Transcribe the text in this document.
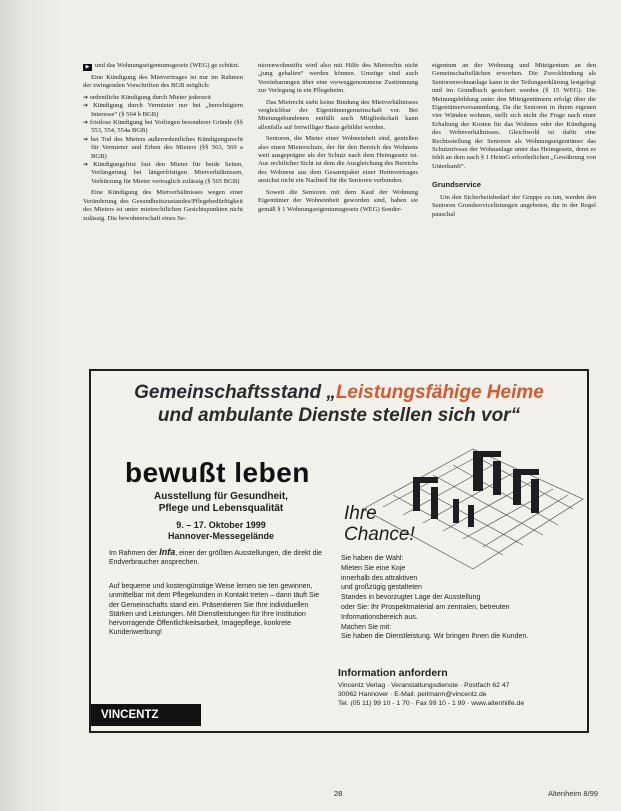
▶ und das Wohnungseigentumsgesetz (WEG) ge schützt.

Eine Kündigung des Mietvertrages ist nur im Rahmen der zwingenden Vorschriften des BGB möglich:

➔ ordentliche Kündigung durch Mieter jederzeit
➔ Kündigung durch Vermieter nur bei „berechtigtem Interesse“ (§ 564 b BGB)
➔ fristlose Kündigung bei Vorliegen besonderer Gründe (§§ 553, 554, 554a BGB)
➔ bei Tod des Mieters außerordentliches Kündigungsrecht für Vermieter und Erben des Mieters (§§ 563, 569 a BGB)
➔ Kündigungsfrist fast den Mieter für beide Seiten, Verlängerung bei längerfristigen Mietverhältnissen, Verkürzung für Mieter vertraglich zulässig (§ 565 BGB)

Eine Kündigung des Mietverhältnisses wegen einer Veränderung des Gesundheitszustandes/Pflegebedürftigkeit des Mieters ist unter mietrechtlichen Gesichtspunkten nicht zulässig. Die bewohnerschaft eines Se-

niorenwohnstifts wird also mit Hilfe des Mietrechts nicht „jung gehalten“ werden können. Umzüge sind auch Vereinbarungen über eine vorweggenommene Zustimmung zur Verlegung in ein Pflegeheim.

Das Mietrecht sieht keine Bindung des Mietverhältnisses vergleichbar der Eigentümergemeinschaft vor. Bei Mietungebundenen entfällt auch Mitgliedschaft kann allenfalls auf freiwilliger Basis gebildet werden.

Senioren, die Mieter einer Wohneinheit sind, genießen also einen Mieterschutz, der für den Bereich des Wohnens weit ausgeprägter als der Schutz nach dem Heimgesetz ist. Aus rechtlicher Sicht ist dem die Ausgleichung des Bereichs des Wohnens aus dem Gesamtpaket einer Heimvertrages ansichst nicht ein Nachteil für die Senioren verbunden.

Soweit die Senioren mit dem Kauf der Wohnung Eigentümer der Wohneinheit geworden sind, haben sie gemäß § 1 Wohnungseigentumsgesetz (WEG) Sonder-

eigentum an der Wohnung und Miteigentum an den Gemeinschaftsflächen erworben. Die Zweckbindung als Seniorenwohnanlage kann in der Teilungserklärung festgelegt und im Grundbuch gesichert werden (§ 15 WEG). Die Meinungsbildung unter den Miteigentümern erfolgt über die Eigentümerversammlung. Da die Senioren in ihrem eigenen vier Wänden wohnen, stellt sich nicht die Frage nach einer Erhaltung der Kosten für das Wohnen oder der Kündigung des Wohnverhältnisses. Gleichwohl ist dafür eine Rechtsstellung der Senioren als Wohnungseigentümer das Schutzniveau der Wohnanlage unter das Heimgesetz, denn es fehlt an dem nach § 1 HeimG erforderlichen „Gewährung von Unterkunft“.

Grundservice

Um den Sicherheitsbedarf der Gruppe zu tun, werden den Senioren Grundservicelistungen angeboten, die in der Regel pauschal

Gemeinschaftsstand „Leistungsfähige Heime
und ambulante Dienste stellen sich vor“
bewußt leben
Ausstellung für Gesundheit,
Pflege und Lebensqualität
9. – 17. Oktober 1999
Hannover-Messegelände
Im Rahmen der Infa, einer der größten Ausstellungen, die direkt die Endverbraucher ansprechen.
Auf bequeme und kostengünstige Weise lernen sie ten gewinnen, unmittelbar mit dem Pflegekunden in Kontakt treten – dann täuft Sie der Gemeinschafts stand ein. Präsentieren Sie Ihre individuellen Stärken und Leistungen. Mit Dienstleistungen für Ihre Institution hervorragende Öffentlichkeitsarbeit, Imagepflege, konkrete Kundenwerbung!
Ihre
Chance!
Sie haben die Wahl:
Mieten Sie eine Koje
innerhalb des attraktiven
und großzügig gestalteten
Standes in bevorzugter Lage der Ausstellung
oder Sie: Ihr Prospektmaterial am zentralen, betreuten
Informationsbereich aus.
Machen Sie mit:
Sie haben die Dienstleistung. Wir bringen Ihnen die Kunden.
Information anfordern
Vincentz Verlag · Veranstaltungsdienste · Postfach 62 47
30062 Hannover · E-Mail: peitmann@vincentz.de
Tel. (05 11) 99 10 - 1 70 · Fax 99 10 - 1 99 · www.altenhilfe.de
VINCENTZ
28	Altenheim 8/99
